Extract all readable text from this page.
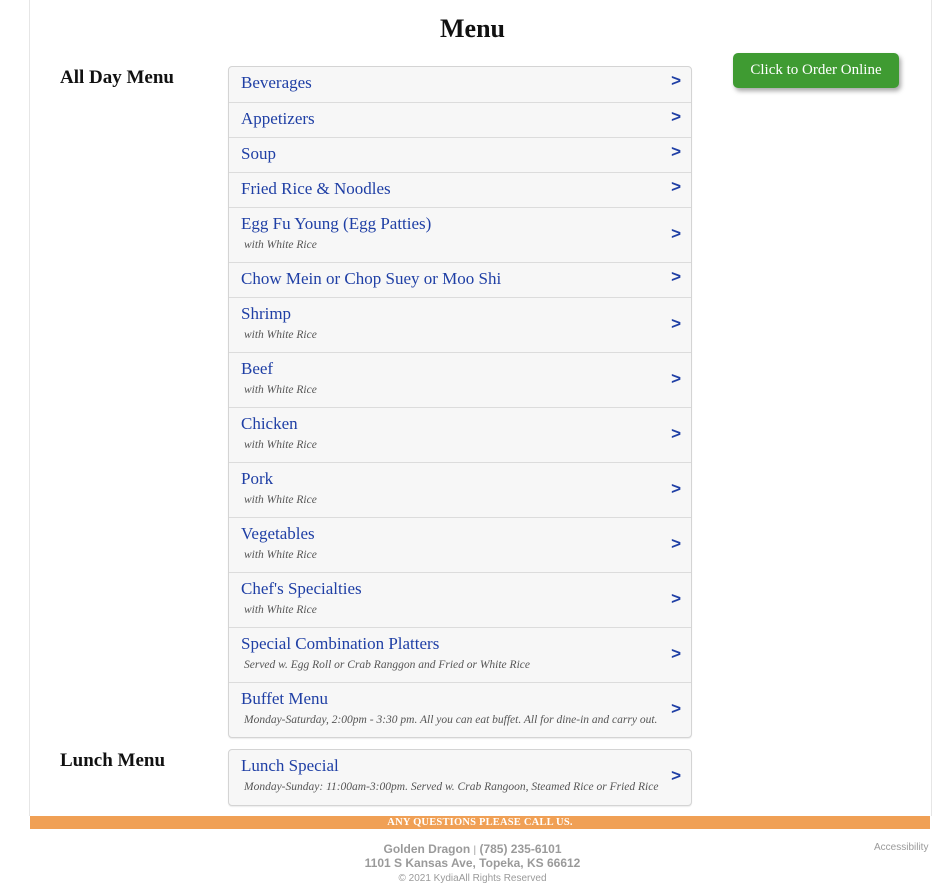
Menu
All Day Menu
Lunch Menu
Beverages	>
Appetizers	>
Soup	>
Fried Rice & Noodles	>
Egg Fu Young (Egg Patties)
with White Rice
>
Chow Mein or Chop Suey or Moo Shi	>
Shrimp
with White Rice
>
Beef
with White Rice
>
Chicken
with White Rice
>
Pork
with White Rice
>
Vegetables
with White Rice
>
Chef's Specialties
with White Rice
>
Special Combination Platters
Served w. Egg Roll or Crab Ranggon and Fried or White Rice
>
Buffet Menu
Monday-Saturday, 2:00pm - 3:30 pm. All you can eat buffet. All for dine-in and carry out.
>
Lunch Special
Monday-Sunday: 11:00am-3:00pm. Served w. Crab Rangoon, Steamed Rice or Fried Rice
>
Click to Order Online
ANY QUESTIONS PLEASE CALL US.
Golden Dragon | (785) 235-6101
1101 S Kansas Ave, Topeka, KS 66612
© 2021 KydiaAll Rights Reserved
Accessibility
